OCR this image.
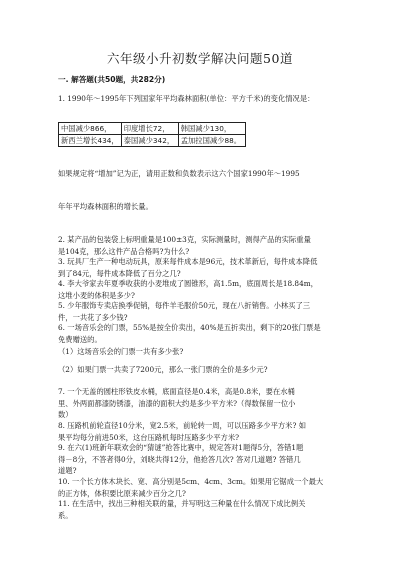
六年级小升初数学解决问题50道
一. 解答题(共50题，共282分)
1. 1990年～1995年下列国家年平均森林面积(单位：平方千米)的变化情况是：
中国减少866，	印度增长72，	韩国减少130，
新西兰增长434，	泰国减少342，	孟加拉国减少88。
如果规定将“增加”记为正，请用正数和负数表示这六个国家1990年～1995
年年平均森林面积的增长量。
2. 某产品的包装袋上标明重量是100±3克，实际测量时，测得产品的实际重量
是104克，那么这件产品合格吗?为什么?
3. 玩具厂生产一种电动玩具，原来每件成本是96元，技术革新后，每件成本降低
到了84元，每件成本降低了百分之几?
4. 李大爷家去年夏季收获的小麦堆成了圆锥形，高1.5m，底面周长是18.84m，
这堆小麦的体积是多少?
5. 少年服饰专卖店换季促销，每件羊毛服价50元，现在八折销售。小林买了三
件，一共花了多少钱?
6. 一场音乐会的门票，55%是按全价卖出，40%是五折卖出，剩下的20张门票是
免费赠送的。
（1）这场音乐会的门票一共有多少张?
（2）如果门票一共卖了7200元，那么一张门票的全价是多少元?
7. 一个无盖的圆柱形铁皮水桶，底面直径是0.4米，高是0.8米，要在水桶
里、外两面都漆防锈漆，油漆的面积大约是多少平方米?（得数保留一位小
数）
8. 压路机前轮直径10分米，宽2.5米，前轮转一周，可以压路多少平方米? 如
果平均每分前进50米，这台压路机每时压路多少平方米?
9. 在六(1)班新年联欢会的“猜谜”抢答比赛中，规定答对1题得5分，答错1题
得－8分，不答者得0分，刘晓共得12分，他抢答几次? 答对几道题? 答错几
道题?
10. 一个长方体木块长、宽、高分别是5cm、4cm、3cm。如果用它锯成一个最大
的正方体，体积要比原来减少百分之几?
11. 在生活中，找出三种相关联的量，并写明这三种量在什么情况下成比例关
系。
